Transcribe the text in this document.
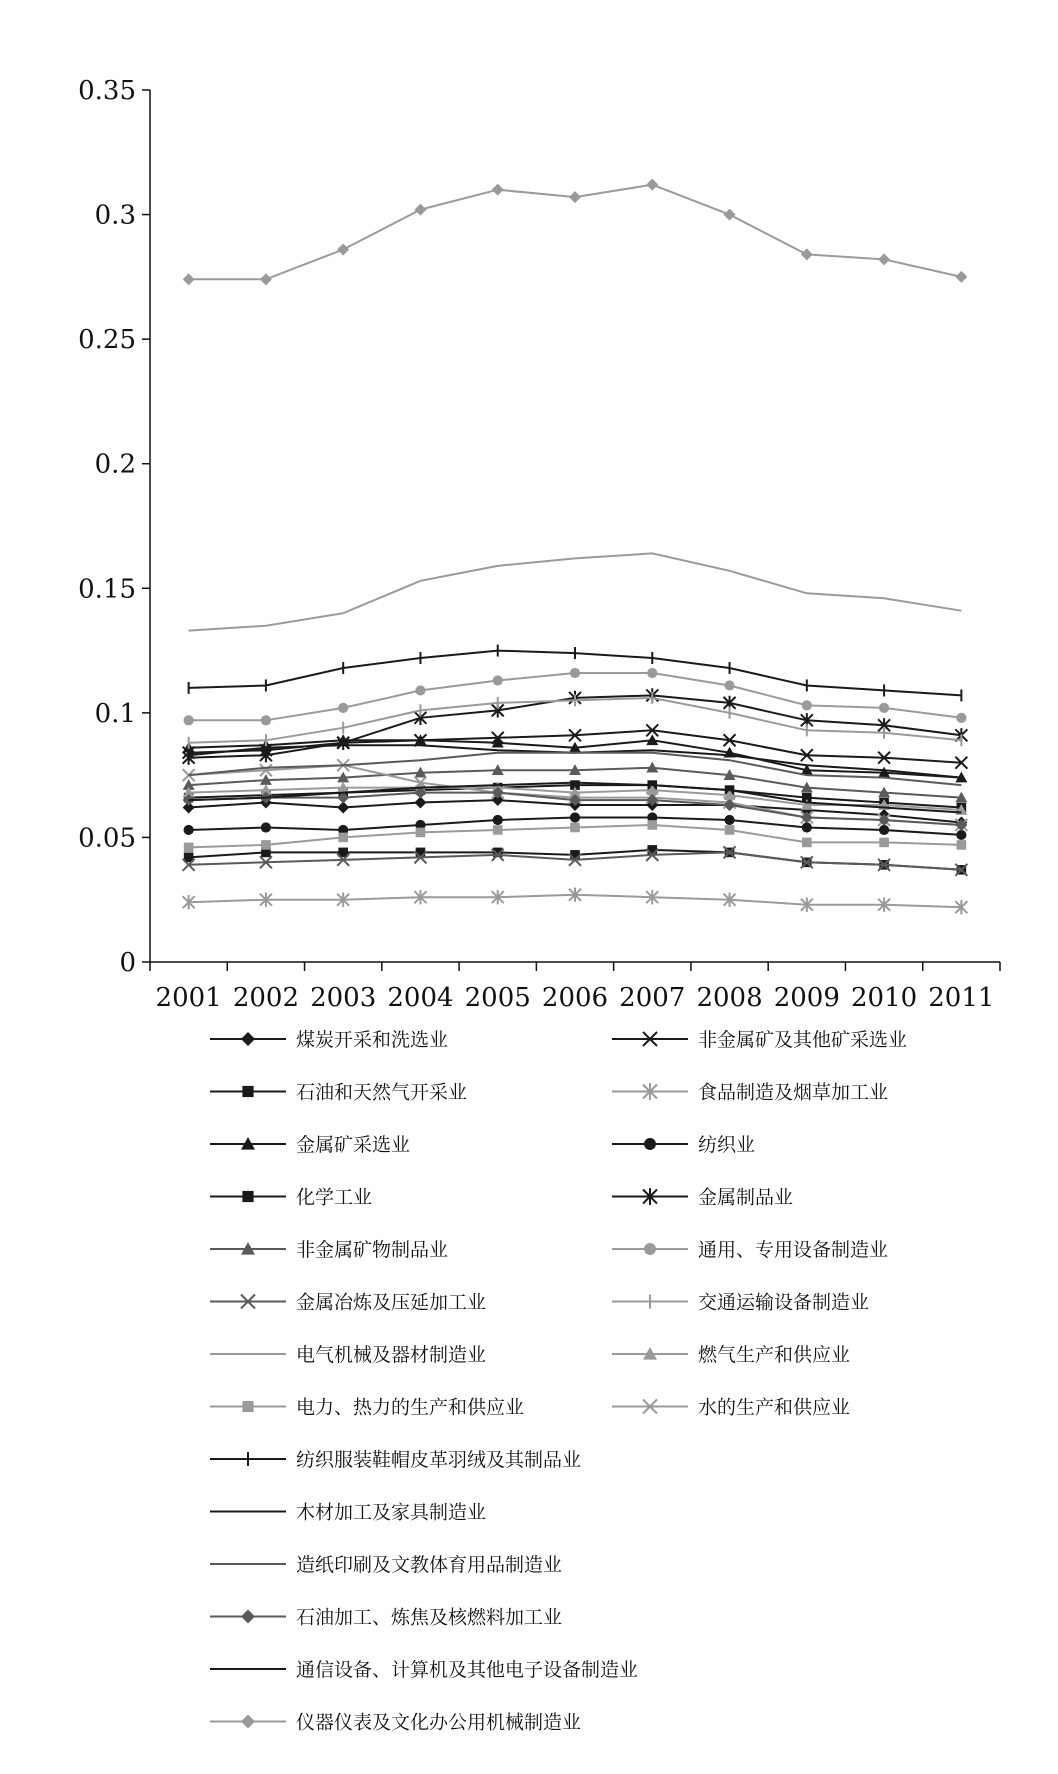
0
0.05
0.1
0.15
0.2
0.25
0.3
0.35
2001 2002 2003 2004 2005 2006 2007 2008 2009 2010 2011
煤炭开采和洗选业
石油和天然气开采业
金属矿采选业
化学工业
非金属矿物制品业
金属冶炼及压延加工业
电气机械及器材制造业
电力、热力的生产和供应业
纺织服装鞋帽皮革羽绒及其制品业
木材加工及家具制造业
造纸印刷及文教体育用品制造业
石油加工、炼焦及核燃料加工业
通信设备、计算机及其他电子设备制造业
仪器仪表及文化办公用机械制造业
非金属矿及其他矿采选业
食品制造及烟草加工业
纺织业
金属制品业
通用、专用设备制造业
交通运输设备制造业
燃气生产和供应业
水的生产和供应业
